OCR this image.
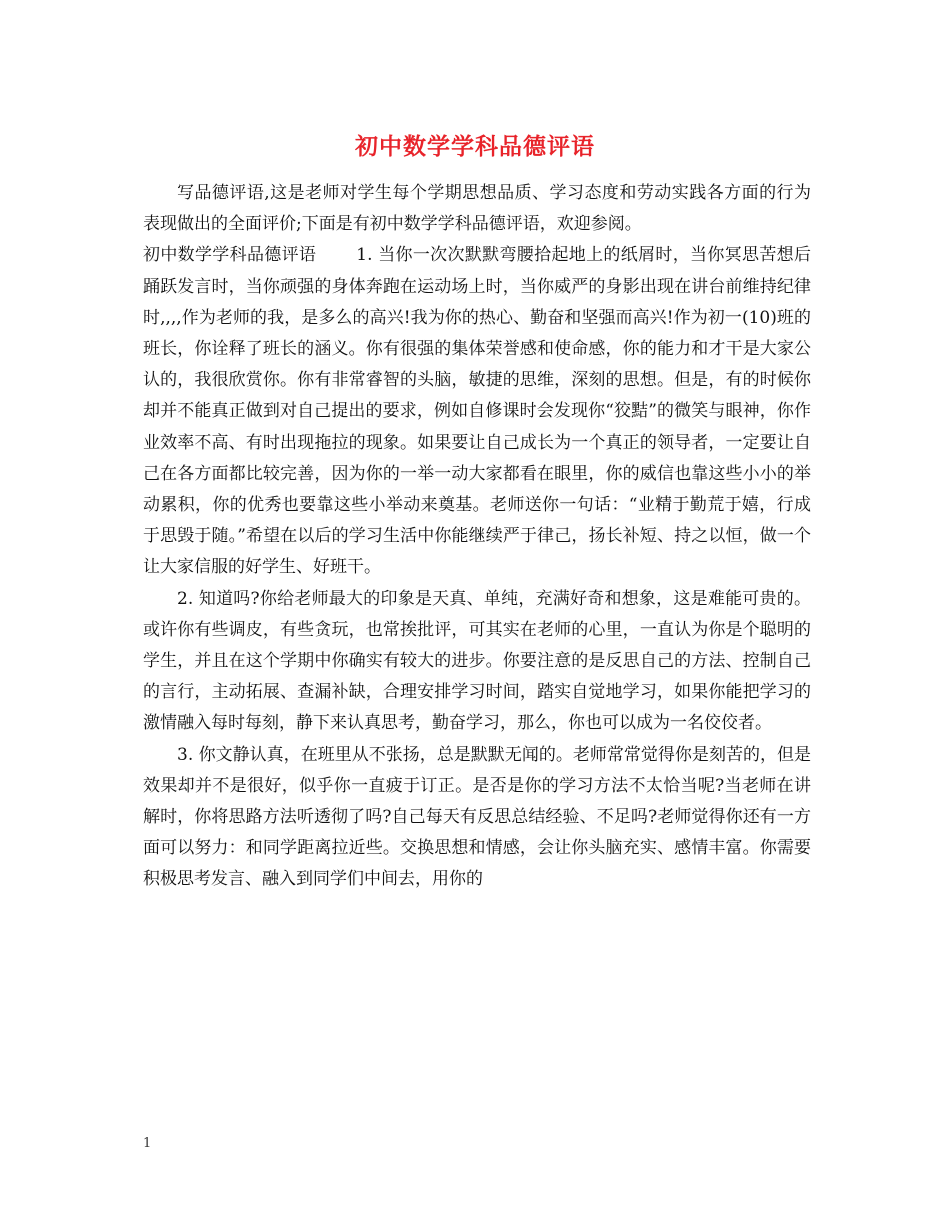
初中数学学科品德评语

写品德评语,这是老师对学生每个学期思想品质、学习态度和劳动实践各方面的行为表现做出的全面评价;下面是有初中数学学科品德评语，欢迎参阅。

初中数学学科品德评语 1. 当你一次次默默弯腰拾起地上的纸屑时，当你冥思苦想后踊跃发言时，当你顽强的身体奔跑在运动场上时，当你威严的身影出现在讲台前维持纪律时,,,,作为老师的我，是多么的高兴!我为你的热心、勤奋和坚强而高兴!作为初一(10)班的班长，你诠释了班长的涵义。你有很强的集体荣誉感和使命感，你的能力和才干是大家公认的，我很欣赏你。你有非常睿智的头脑，敏捷的思维，深刻的思想。但是，有的时候你却并不能真正做到对自己提出的要求，例如自修课时会发现你“狡黠”的微笑与眼神，你作业效率不高、有时出现拖拉的现象。如果要让自己成长为一个真正的领导者，一定要让自己在各方面都比较完善，因为你的一举一动大家都看在眼里，你的威信也靠这些小小的举动累积，你的优秀也要靠这些小举动来奠基。老师送你一句话：“业精于勤荒于嬉，行成于思毁于随。”希望在以后的学习生活中你能继续严于律己，扬长补短、持之以恒，做一个让大家信服的好学生、好班干。

2. 知道吗?你给老师最大的印象是天真、单纯，充满好奇和想象，这是难能可贵的。或许你有些调皮，有些贪玩，也常挨批评，可其实在老师的心里，一直认为你是个聪明的学生，并且在这个学期中你确实有较大的进步。你要注意的是反思自己的方法、控制自己的言行，主动拓展、查漏补缺，合理安排学习时间，踏实自觉地学习，如果你能把学习的激情融入每时每刻，静下来认真思考，勤奋学习，那么，你也可以成为一名佼佼者。

3. 你文静认真，在班里从不张扬，总是默默无闻的。老师常常觉得你是刻苦的，但是效果却并不是很好，似乎你一直疲于订正。是否是你的学习方法不太恰当呢?当老师在讲解时，你将思路方法听透彻了吗?自己每天有反思总结经验、不足吗?老师觉得你还有一方面可以努力：和同学距离拉近些。交换思想和情感，会让你头脑充实、感情丰富。你需要积极思考发言、融入到同学们中间去，用你的

1
